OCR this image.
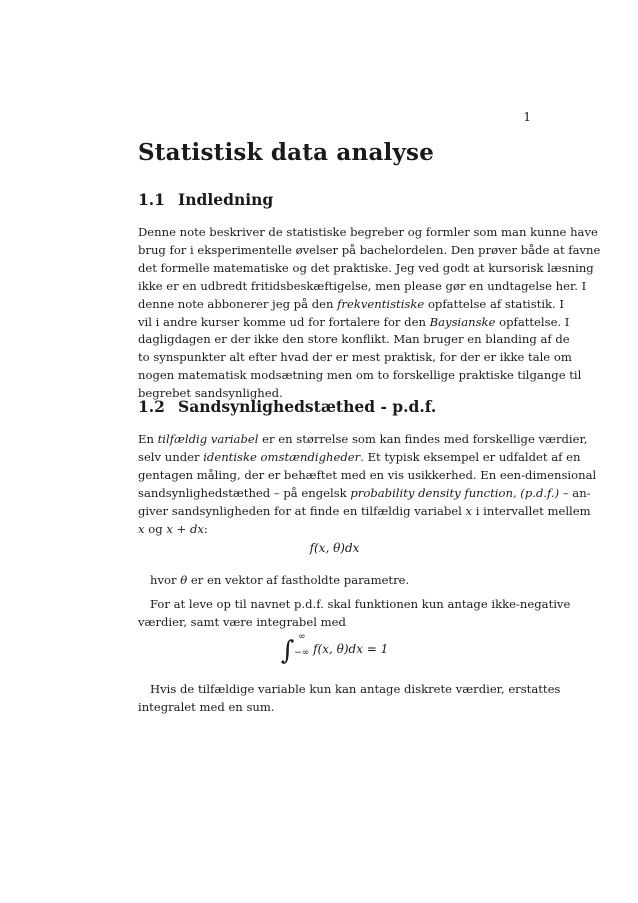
1
Statistisk data analyse
1.1 Indledning
Denne note beskriver de statistiske begreber og formler som man kunne have
brug for i eksperimentelle øvelser på bachelordelen. Den prøver både at favne
det formelle matematiske og det praktiske. Jeg ved godt at kursorisk læsning
ikke er en udbredt fritidsbeskæftigelse, men please gør en undtagelse her. I
denne note abbonerer jeg på den frekventistiske opfattelse af statistik. I
vil i andre kurser komme ud for fortalere for den Baysianske opfattelse. I
dagligdagen er der ikke den store konflikt. Man bruger en blanding af de
to synspunkter alt efter hvad der er mest praktisk, for der er ikke tale om
nogen matematisk modsætning men om to forskellige praktiske tilgange til
begrebet sandsynlighed.
1.2 Sandsynlighedstæthed - p.d.f.
En tilfældig variabel er en størrelse som kan findes med forskellige værdier,
selv under identiske omstændigheder. Et typisk eksempel er udfaldet af en
gentagen måling, der er behæftet med en vis usikkerhed. En een-dimensional
sandsynlighedstæthed – på engelsk probability density function, (p.d.f.) – an-
giver sandsynligheden for at finde en tilfældig variabel x i intervallet mellem
x og x + dx:
f(x, θ)dx
hvor θ er en vektor af fastholdte parametre.
For at leve op til navnet p.d.f. skal funktionen kun antage ikke-negative
værdier, samt være integrabel med
∫ ∞
−∞ f(x, θ)dx = 1
Hvis de tilfældige variable kun kan antage diskrete værdier, erstattes
integralet med en sum.
